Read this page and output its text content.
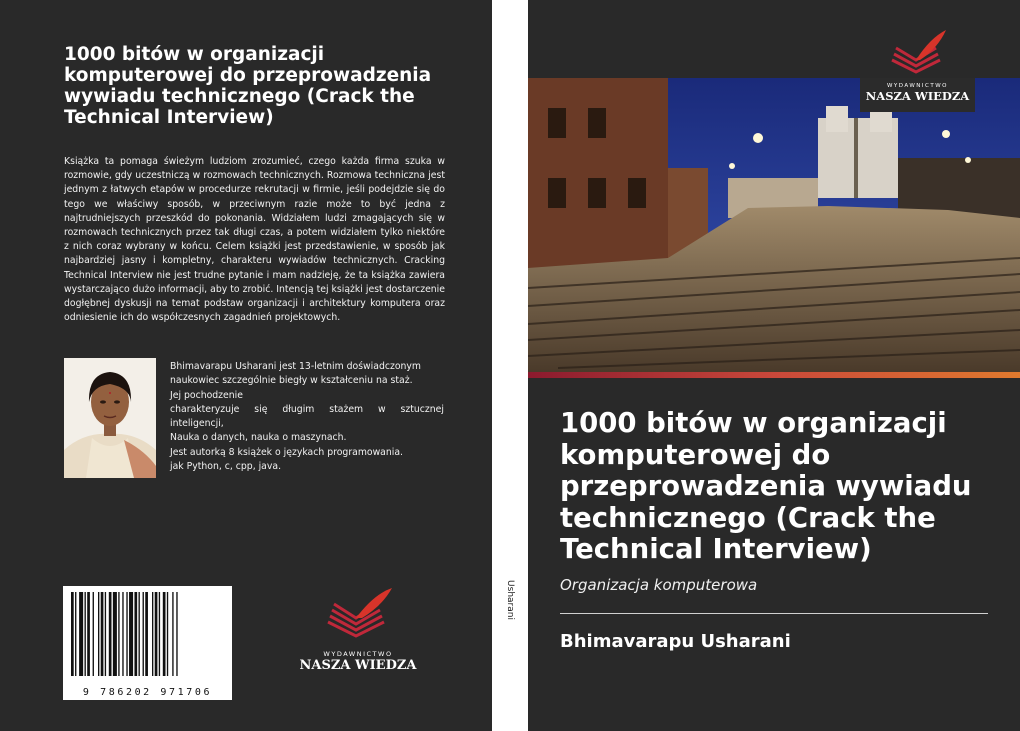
1000 bitów w organizacji komputerowej do przeprowadzenia wywiadu technicznego (Crack the Technical Interview)
Książka ta pomaga świeżym ludziom zrozumieć, czego każda firma szuka w rozmowie, gdy uczestniczą w rozmowach technicznych. Rozmowa techniczna jest jednym z łatwych etapów w procedurze rekrutacji w firmie, jeśli podejdzie się do tego we właściwy sposób, w przeciwnym razie może to być jedna z najtrudniejszych przeszkód do pokonania. Widziałem ludzi zmagających się w rozmowach technicznych przez tak długi czas, a potem widziałem tylko niektóre z nich coraz wybrany w końcu. Celem książki jest przedstawienie, w sposób jak najbardziej jasny i kompletny, charakteru wywiadów technicznych. Cracking Technical Interview nie jest trudne pytanie i mam nadzieję, że ta książka zawiera wystarczająco dużo informacji, aby to zrobić. Intencją tej książki jest dostarczenie dogłębnej dyskusji na temat podstaw organizacji i architektury komputera oraz odniesienie ich do współczesnych zagadnień projektowych.
Bhimavarapu Usharani jest 13-letnim doświadczonym
naukowiec szczególnie biegły w kształceniu na staż.
Jej pochodzenie
charakteryzuje się długim stażem w sztucznej
inteligencji,
Nauka o danych, nauka o maszynach.
Jest autorką 8 książek o językach programowania.
jak Python, c, cpp, java.
9 786202 971706
WYDAWNICTWO
NASZA WIEDZA
Usharani
WYDAWNICTWO
NASZA WIEDZA
1000 bitów w organizacji komputerowej do przeprowadzenia wywiadu technicznego (Crack the Technical Interview)
Organizacja komputerowa
Bhimavarapu Usharani
